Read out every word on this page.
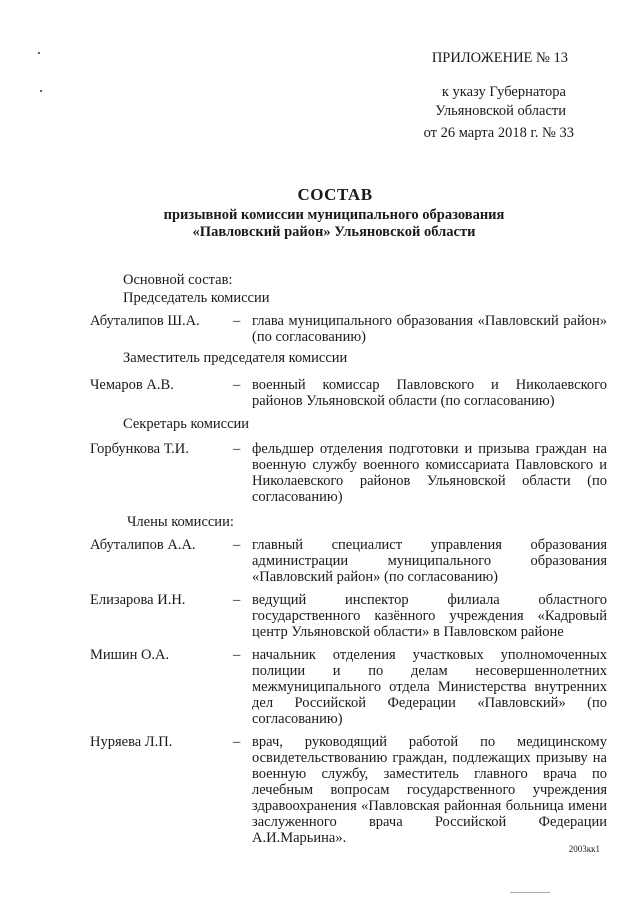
ПРИЛОЖЕНИЕ № 13
к указу Губернатора
Ульяновской области
от 26 марта 2018 г. № 33
СОСТАВ
призывной комиссии муниципального образования
«Павловский район» Ульяновской области
Основной состав:
Председатель комиссии
Абуталипов Ш.А. – глава муниципального образования «Павловский район» (по согласованию)
Заместитель председателя комиссии
Чемаров А.В.	– военный комиссар Павловского и Николаевского районов Ульяновской области (по согласованию)
Секретарь комиссии
Горбункова Т.И.	– фельдшер отделения подготовки и призыва граждан на военную службу военного комиссариата Павловского и Николаевского районов Ульяновской области (по согласованию)
Члены комиссии:
Абуталипов А.А.	– главный специалист управления образования администрации муниципального образования «Павловский район» (по согласованию)
Елизарова И.Н.	– ведущий инспектор филиала областного государственного казённого учреждения «Кадровый центр Ульяновской области» в Павловском районе
Мишин О.А.	– начальник отделения участковых уполномоченных полиции и по делам несовершеннолетних межмуниципального отдела Министерства внутренних дел Российской Федерации «Павловский» (по согласованию)
Нуряева Л.П.	– врач, руководящий работой по медицинскому освидетельствованию граждан, подлежащих призыву на военную службу, заместитель главного врача по лечебным вопросам государственного учреждения здравоохранения «Павловская районная больница имени заслуженного врача Российской Федерации А.И.Марьина».
2003кк1
